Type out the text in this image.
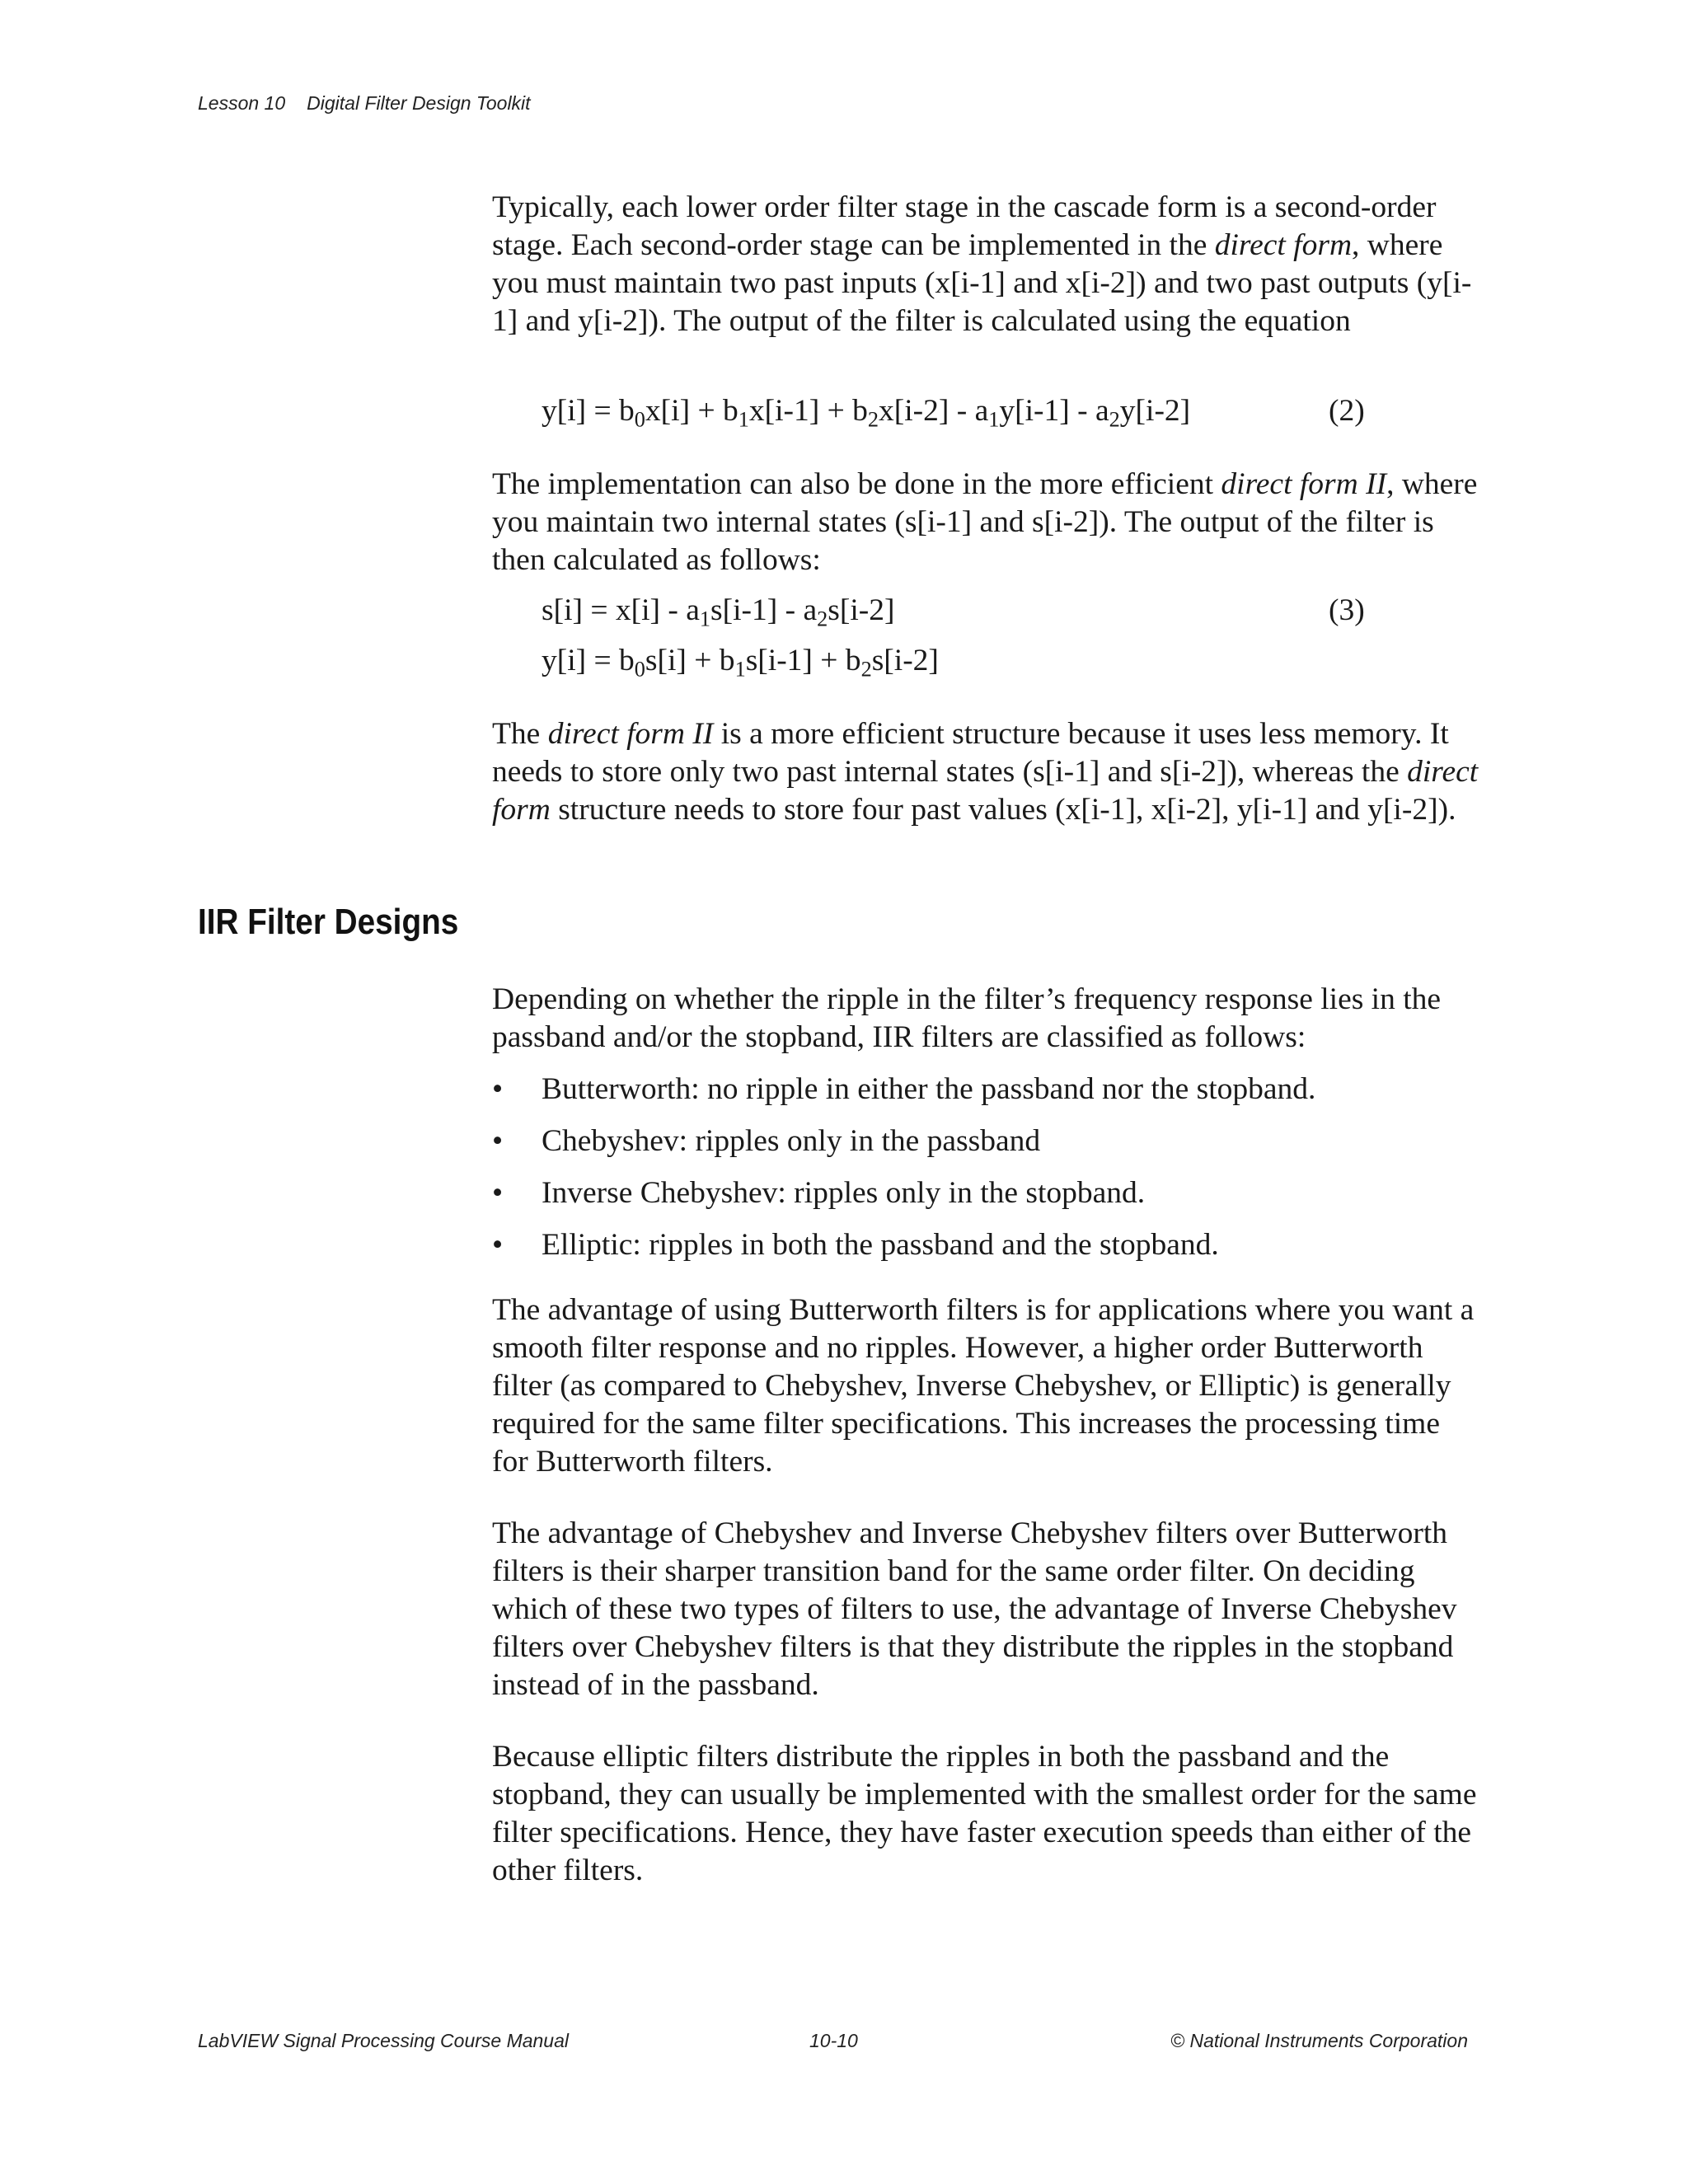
Lesson 10 Digital Filter Design Toolkit

Typically, each lower order filter stage in the cascade form is a second-order stage. Each second-order stage can be implemented in the direct form, where you must maintain two past inputs (x[i-1] and x[i-2]) and two past outputs (y[i-1] and y[i-2]). The output of the filter is calculated using the equation

$y[i] = b_0x[i] + b_1x[i-1] + b_2x[i-2] - a_1y[i-1] - a_2y[i-2]$	(2)

The implementation can also be done in the more efficient direct form II, where you maintain two internal states (s[i-1] and s[i-2]). The output of the filter is then calculated as follows:

$s[i] = x[i] - a_1s[i-1] - a_2s[i-2]$	(3)
$y[i] = b_0s[i] + b_1s[i-1] + b_2s[i-2]$

The direct form II is a more efficient structure because it uses less memory. It needs to store only two past internal states (s[i-1] and s[i-2]), whereas the direct form structure needs to store four past values (x[i-1], x[i-2], y[i-1] and y[i-2]).

IIR Filter Designs

Depending on whether the ripple in the filter’s frequency response lies in the passband and/or the stopband, IIR filters are classified as follows:

• Butterworth: no ripple in either the passband nor the stopband.
• Chebyshev: ripples only in the passband
• Inverse Chebyshev: ripples only in the stopband.
• Elliptic: ripples in both the passband and the stopband.

The advantage of using Butterworth filters is for applications where you want a smooth filter response and no ripples. However, a higher order Butterworth filter (as compared to Chebyshev, Inverse Chebyshev, or Elliptic) is generally required for the same filter specifications. This increases the processing time for Butterworth filters.

The advantage of Chebyshev and Inverse Chebyshev filters over Butterworth filters is their sharper transition band for the same order filter. On deciding which of these two types of filters to use, the advantage of Inverse Chebyshev filters over Chebyshev filters is that they distribute the ripples in the stopband instead of in the passband.

Because elliptic filters distribute the ripples in both the passband and the stopband, they can usually be implemented with the smallest order for the same filter specifications. Hence, they have faster execution speeds than either of the other filters.

LabVIEW Signal Processing Course Manual	10-10	© National Instruments Corporation
